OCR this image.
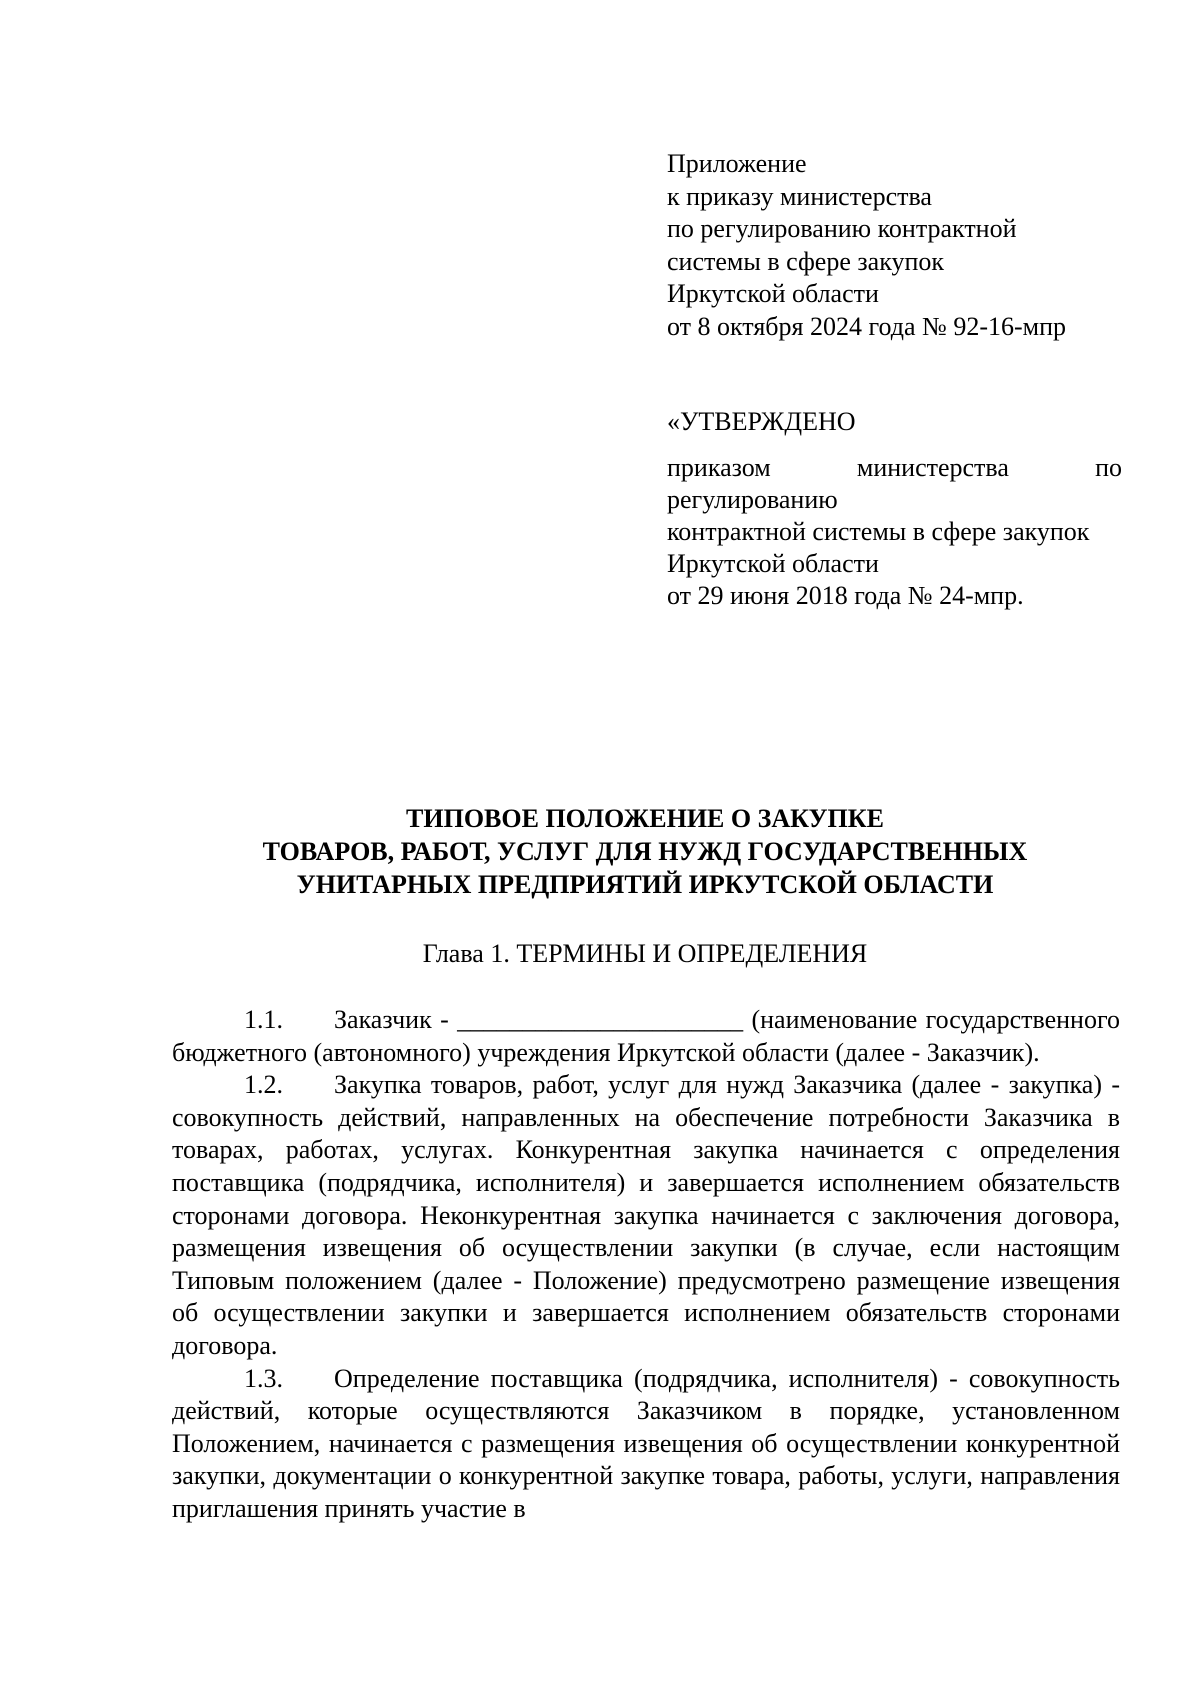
Приложение
к приказу министерства
по регулированию контрактной
системы в сфере закупок
Иркутской области
от 8 октября 2024 года № 92-16-мпр
«УТВЕРЖДЕНО
приказом министерства по регулированию
контрактной системы в сфере закупок
Иркутской области
от 29 июня 2018 года № 24-мпр.
ТИПОВОЕ ПОЛОЖЕНИЕ О ЗАКУПКЕ
ТОВАРОВ, РАБОТ, УСЛУГ ДЛЯ НУЖД ГОСУДАРСТВЕННЫХ
УНИТАРНЫХ ПРЕДПРИЯТИЙ ИРКУТСКОЙ ОБЛАСТИ
Глава 1. ТЕРМИНЫ И ОПРЕДЕЛЕНИЯ

1.1. Заказчик - ______________________ (наименование государственного бюджетного (автономного) учреждения Иркутской области (далее - Заказчик).

1.2. Закупка товаров, работ, услуг для нужд Заказчика (далее - закупка) - совокупность действий, направленных на обеспечение потребности Заказчика в товарах, работах, услугах. Конкурентная закупка начинается с определения поставщика (подрядчика, исполнителя) и завершается исполнением обязательств сторонами договора. Неконкурентная закупка начинается с заключения договора, размещения извещения об осуществлении закупки (в случае, если настоящим Типовым положением (далее - Положение) предусмотрено размещение извещения об осуществлении закупки и завершается исполнением обязательств сторонами договора.

1.3. Определение поставщика (подрядчика, исполнителя) - совокупность действий, которые осуществляются Заказчиком в порядке, установленном Положением, начинается с размещения извещения об осуществлении конкурентной закупки, документации о конкурентной закупке товара, работы, услуги, направления приглашения принять участие в
